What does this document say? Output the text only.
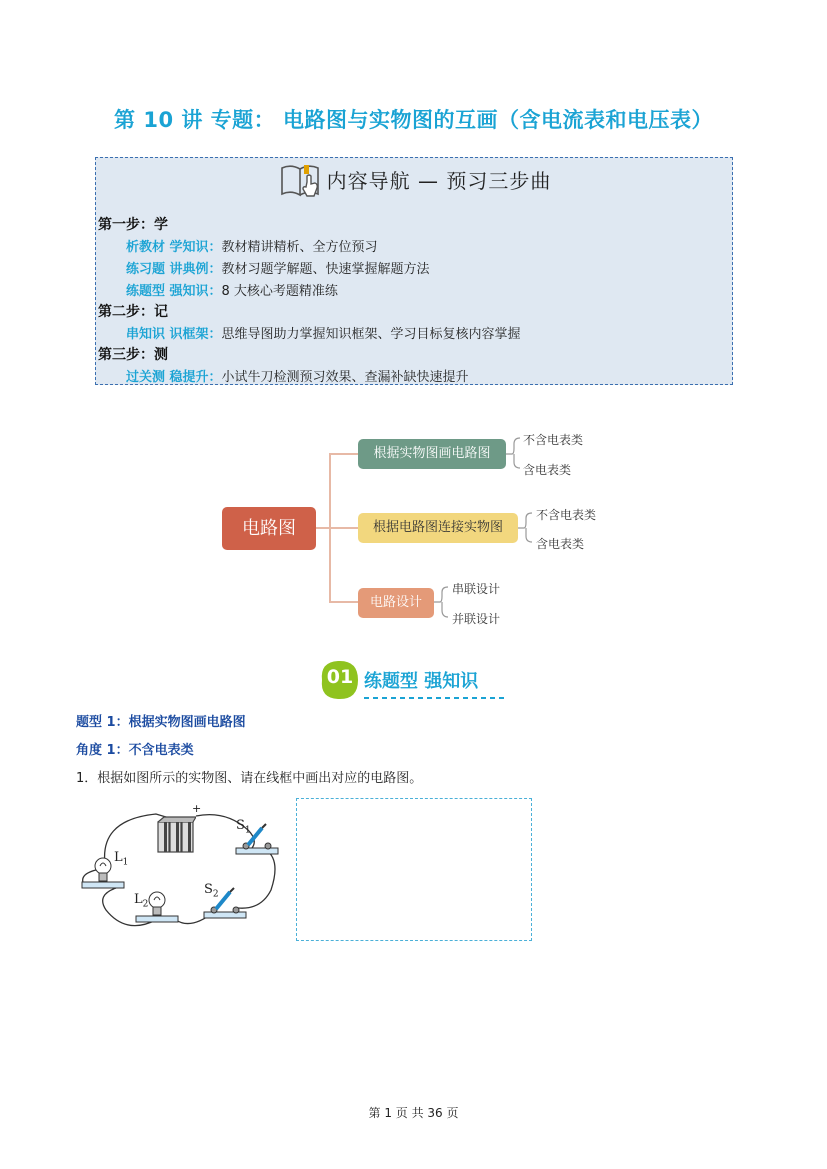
第 10 讲 专题： 电路图与实物图的互画（含电流表和电压表）
内容导航 — 预习三步曲
第一步：学
析教材 学知识：教材精讲精析、全方位预习
练习题 讲典例：教材习题学解题、快速掌握解题方法
练题型 强知识：8 大核心考题精准练
第二步：记
串知识 识框架：思维导图助力掌握知识框架、学习目标复核内容掌握
第三步：测
过关测 稳提升：小试牛刀检测预习效果、查漏补缺快速提升
电路图
根据实物图画电路图
根据电路图连接实物图
电路设计
不含电表类
含电表类
不含电表类
含电表类
串联设计
并联设计
01 练题型 强知识
题型 1：根据实物图画电路图
角度 1：不含电表类
1．根据如图所示的实物图、请在线框中画出对应的电路图。
+
$S_1$
$L_1$
$L_2$
$S_2$
第 1 页 共 36 页
